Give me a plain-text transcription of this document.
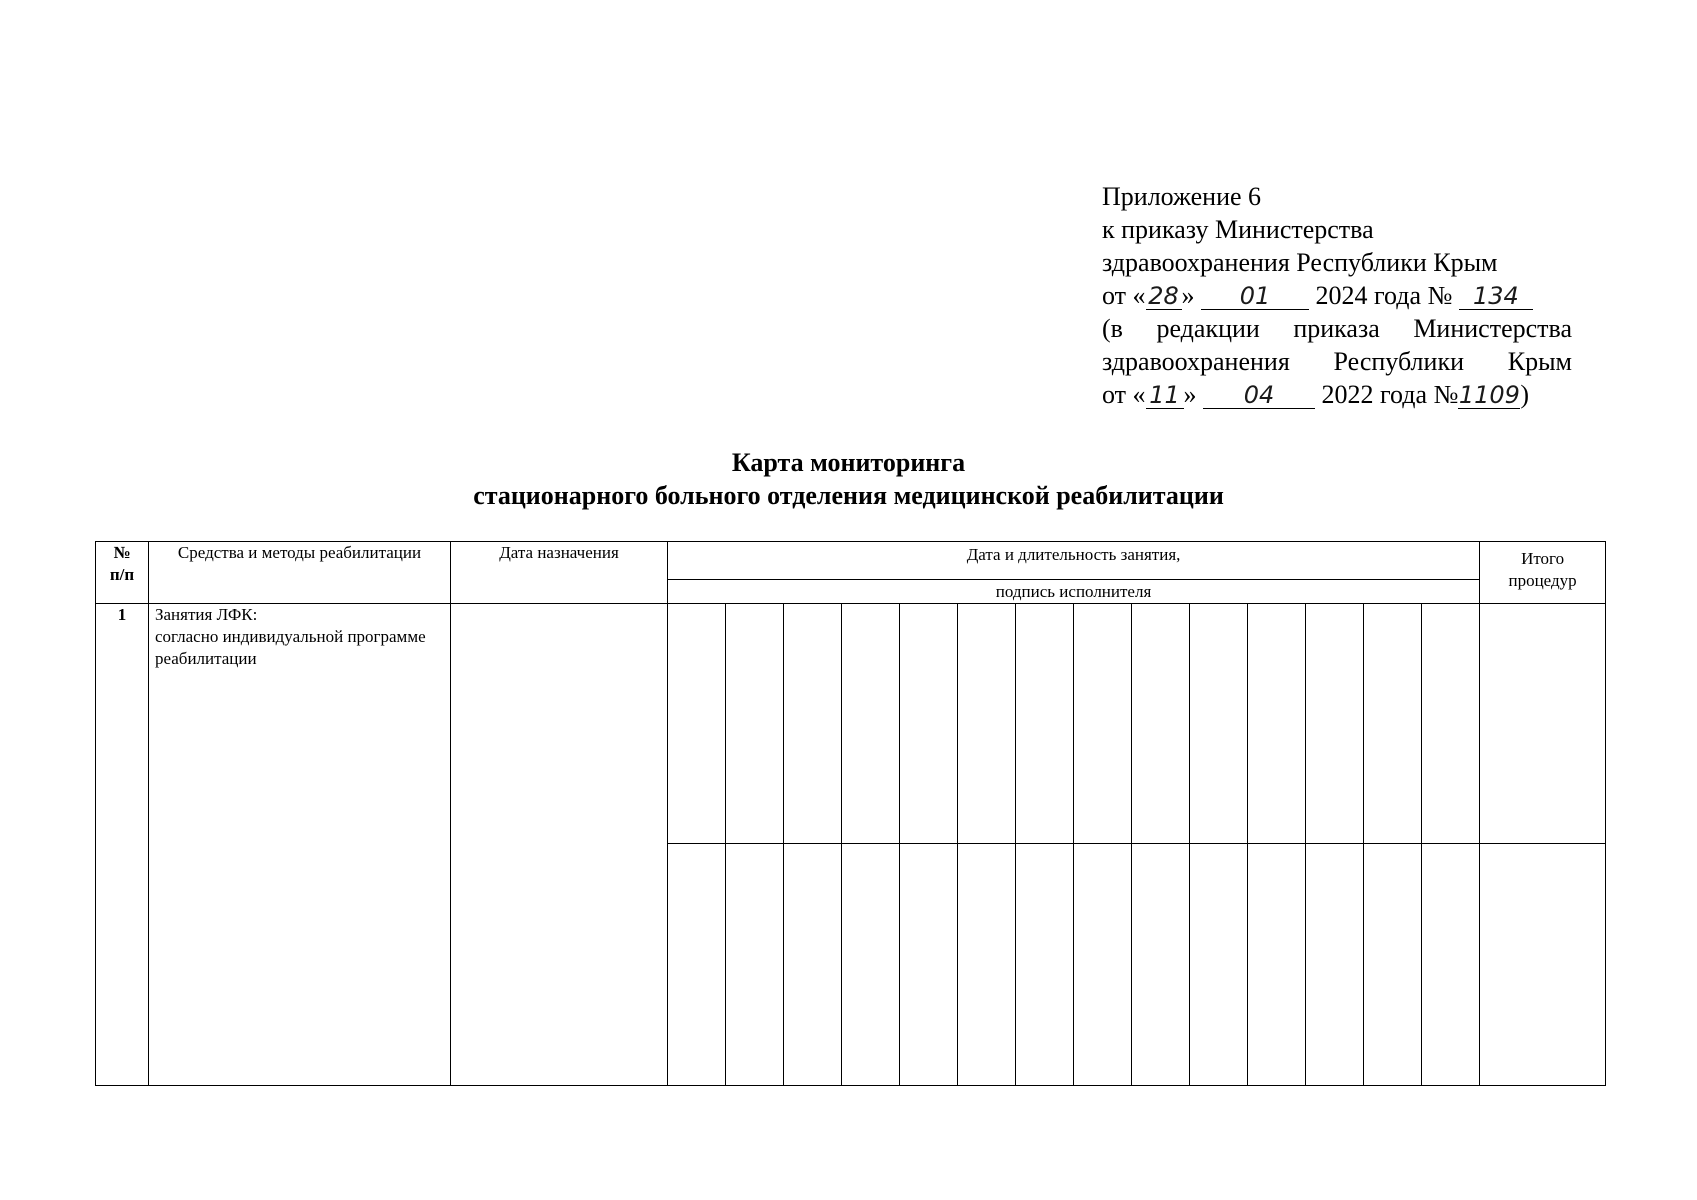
Приложение 6
к приказу Министерства
здравоохранения Республики Крым
от « 28 » 01 2024 года № 134
(в редакции приказа Министерства
здравоохранения Республики Крым
от « 11 » 04 2022 года №1109)
Карта мониторинга
стационарного больного отделения медицинской реабилитации
№
п/п	Средства и методы реабилитации	Дата назначения	Дата и длительность занятия,														Итого процедур
			подпись исполнителя														
1	Занятия ЛФК:
согласно индивидуальной программе реабилитации																
